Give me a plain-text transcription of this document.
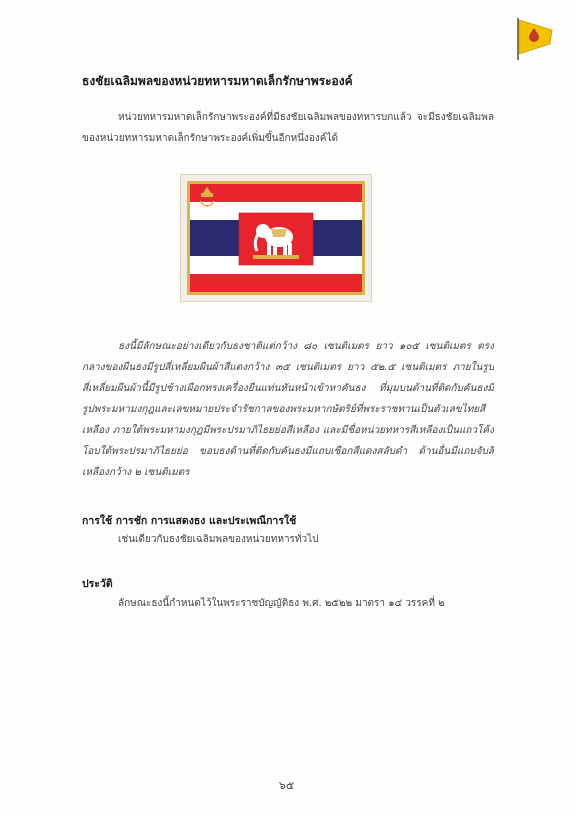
ธงชัยเฉลิมพลของหน่วยทหารมหาดเล็กรักษาพระองค์
หน่วยทหารมหาดเล็กรักษาพระองค์ที่มีธงชัยเฉลิมพลของทหารบกแล้ว จะมีธงชัยเฉลิมพลของหน่วยทหารมหาดเล็กรักษาพระองค์เพิ่มขึ้นอีกหนึ่งองค์ได้
๙
ธงนี้มีลักษณะอย่างเดียวกับธงชาติแต่กว้าง ๘๐ เซนติเมตร ยาว ๑๐๕ เซนติเมตร ตรงกลางของผืนธงมีรูปสี่เหลี่ยมผืนผ้าสีแดงกว้าง ๓๕ เซนติเมตร ยาว ๕๒.๕ เซนติเมตร ภายในรูปสี่เหลี่ยมผืนผ้านี้มีรูปช้างเผือกทรงเครื่องยืนแท่นหันหน้าเข้าหาคันธง ที่มุมบนด้านที่ติดกับคันธงมีรูปพระมหามงกุฎและเลขหมายประจำรัชกาลของพระมหากษัตริย์ที่พระราชทานเป็นตัวเลขไทยสีเหลือง ภายใต้พระมหามงกุฎมีพระปรมาภิไธยย่อสีเหลือง และมีชื่อหน่วยทหารสีเหลืองเป็นแถวโค้งโอบใต้พระปรมาภิไธยย่อ ขอบธงด้านที่ติดกับคันธงมีแถบเชือกสีแดงสลับดำ ด้านอื่นมีแถบจับสีเหลืองกว้าง ๒ เซนติเมตร
การใช้ การชัก การแสดงธง และประเพณีการใช้
เช่นเดียวกับธงชัยเฉลิมพลของหน่วยทหารทั่วไป
ประวัติ
ลักษณะธงนี้กำหนดไว้ในพระราชบัญญัติธง พ.ศ. ๒๕๒๒ มาตรา ๑๔ วรรคที่ ๒
๖๕
